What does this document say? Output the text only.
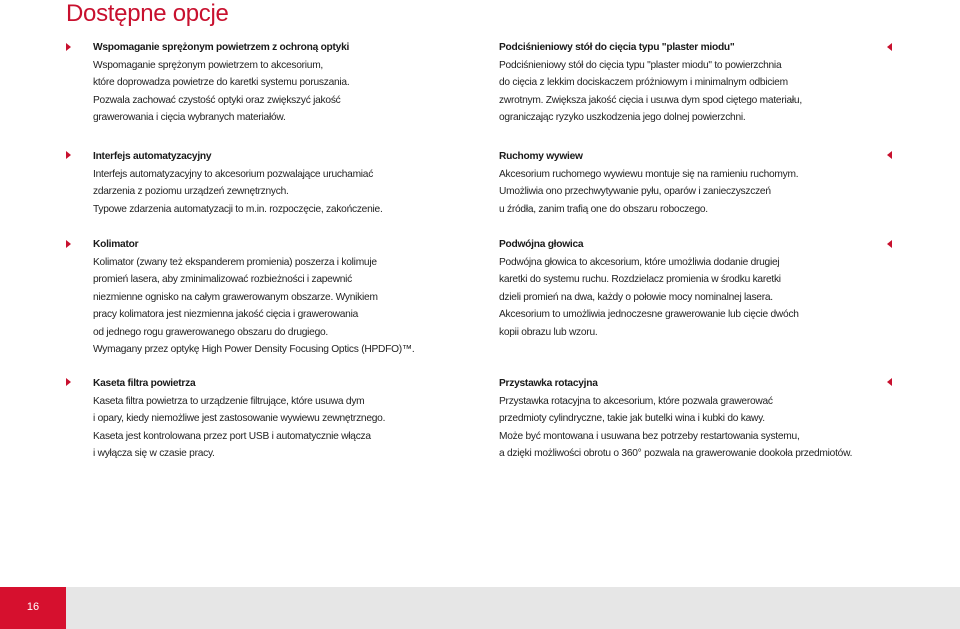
Dostępne opcje
Wspomaganie sprężonym powietrzem z ochroną optyki
Wspomaganie sprężonym powietrzem to akcesorium,
które doprowadza powietrze do karetki systemu poruszania.
Pozwala zachować czystość optyki oraz zwiększyć jakość
grawerowania i cięcia wybranych materiałów.
Interfejs automatyzacyjny
Interfejs automatyzacyjny to akcesorium pozwalające uruchamiać
zdarzenia z poziomu urządzeń zewnętrznych.
Typowe zdarzenia automatyzacji to m.in. rozpoczęcie, zakończenie.
Kolimator
Kolimator (zwany też ekspanderem promienia) poszerza i kolimuje
promień lasera, aby zminimalizować rozbieżności i zapewnić
niezmienne ognisko na całym grawerowanym obszarze. Wynikiem
pracy kolimatora jest niezmienna jakość cięcia i grawerowania
od jednego rogu grawerowanego obszaru do drugiego.
Wymagany przez optykę High Power Density Focusing Optics (HPDFO)™.
Kaseta filtra powietrza
Kaseta filtra powietrza to urządzenie filtrujące, które usuwa dym
i opary, kiedy niemożliwe jest zastosowanie wywiewu zewnętrznego.
Kaseta jest kontrolowana przez port USB i automatycznie włącza
i wyłącza się w czasie pracy.
Podciśnieniowy stół do cięcia typu "plaster miodu"
Podciśnieniowy stół do cięcia typu "plaster miodu" to powierzchnia
do cięcia z lekkim dociskaczem próżniowym i minimalnym odbiciem
zwrotnym. Zwiększa jakość cięcia i usuwa dym spod ciętego materiału,
ograniczając ryzyko uszkodzenia jego dolnej powierzchni.
Ruchomy wywiew
Akcesorium ruchomego wywiewu montuje się na ramieniu ruchomym.
Umożliwia ono przechwytywanie pyłu, oparów i zanieczyszczeń
u źródła, zanim trafią one do obszaru roboczego.
Podwójna głowica
Podwójna głowica to akcesorium, które umożliwia dodanie drugiej
karetki do systemu ruchu. Rozdzielacz promienia w środku karetki
dzieli promień na dwa, każdy o połowie mocy nominalnej lasera.
Akcesorium to umożliwia jednoczesne grawerowanie lub cięcie dwóch
kopii obrazu lub wzoru.
Przystawka rotacyjna
Przystawka rotacyjna to akcesorium, które pozwala grawerować
przedmioty cylindryczne, takie jak butelki wina i kubki do kawy.
Może być montowana i usuwana bez potrzeby restartowania systemu,
a dzięki możliwości obrotu o 360° pozwala na grawerowanie dookoła przedmiotów.
16
